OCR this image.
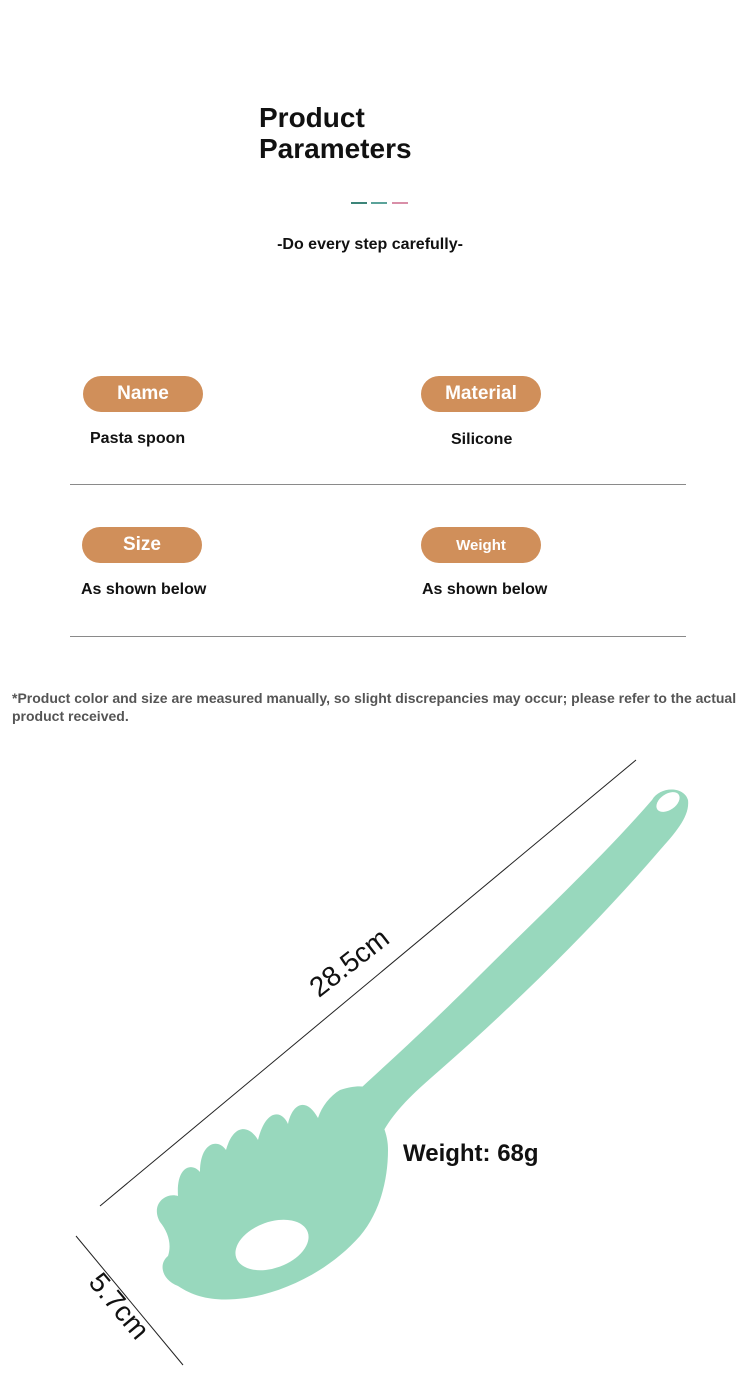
Product
Parameters
-Do every step carefully-
Name
Pasta spoon
Material
Silicone
Size
As shown below
Weight
As shown below
*Product color and size are measured manually, so slight discrepancies may occur; please refer to the actual product received.
28.5cm
5.7cm
Weight: 68g
